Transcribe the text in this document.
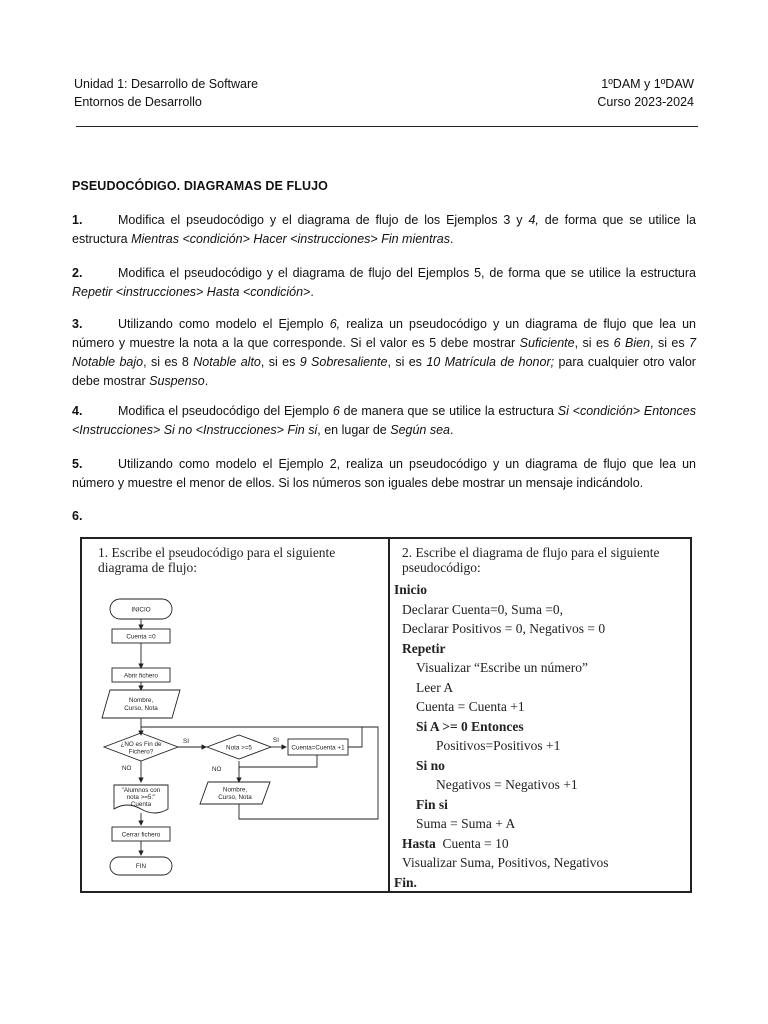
Unidad 1: Desarrollo de Software
Entornos de Desarrollo
1ºDAM y 1ºDAW
Curso 2023-2024
PSEUDOCÓDIGO. DIAGRAMAS DE FLUJO
1.	Modifica el pseudocódigo y el diagrama de flujo de los Ejemplos 3 y 4, de forma que se utilice la estructura Mientras <condición> Hacer <instrucciones> Fin mientras.
2.	Modifica el pseudocódigo y el diagrama de flujo del Ejemplos 5, de forma que se utilice la estructura Repetir <instrucciones> Hasta <condición>.
3.	Utilizando como modelo el Ejemplo 6, realiza un pseudocódigo y un diagrama de flujo que lea un número y muestre la nota a la que corresponde. Si el valor es 5 debe mostrar Suficiente, si es 6 Bien, si es 7 Notable bajo, si es 8 Notable alto, si es 9 Sobresaliente, si es 10 Matrícula de honor; para cualquier otro valor debe mostrar Suspenso.
4.	Modifica el pseudocódigo del Ejemplo 6 de manera que se utilice la estructura Si <condición> Entonces <Instrucciones> Si no <Instrucciones> Fin si, en lugar de Según sea.
5.	Utilizando como modelo el Ejemplo 2, realiza un pseudocódigo y un diagrama de flujo que lea un número y muestre el menor de ellos. Si los números son iguales debe mostrar un mensaje indicándolo.
6.
1. Escribe el pseudocódigo para el siguiente diagrama de flujo:
2. Escribe el diagrama de flujo para el siguiente pseudocódigo:
INICIO
Cuenta =0
Abrir fichero
Nombre,
Curso, Nota
¿NO es Fin de
Fichero?
SI
NO
Nota >=5
SI
NO
Cuenta=Cuenta +1
"Alumnos con
nota >=5:"
Cuenta
Nombre,
Curso, Nota
Cerrar fichero
FIN
Inicio
Declarar Cuenta=0, Suma =0,
Declarar Positivos = 0, Negativos = 0
Repetir
Visualizar “Escribe un número”
Leer A
Cuenta = Cuenta +1
Si A >= 0 Entonces
Positivos=Positivos +1
Si no
Negativos = Negativos +1
Fin si
Suma = Suma + A
Hasta  Cuenta = 10
Visualizar Suma, Positivos, Negativos
Fin.
